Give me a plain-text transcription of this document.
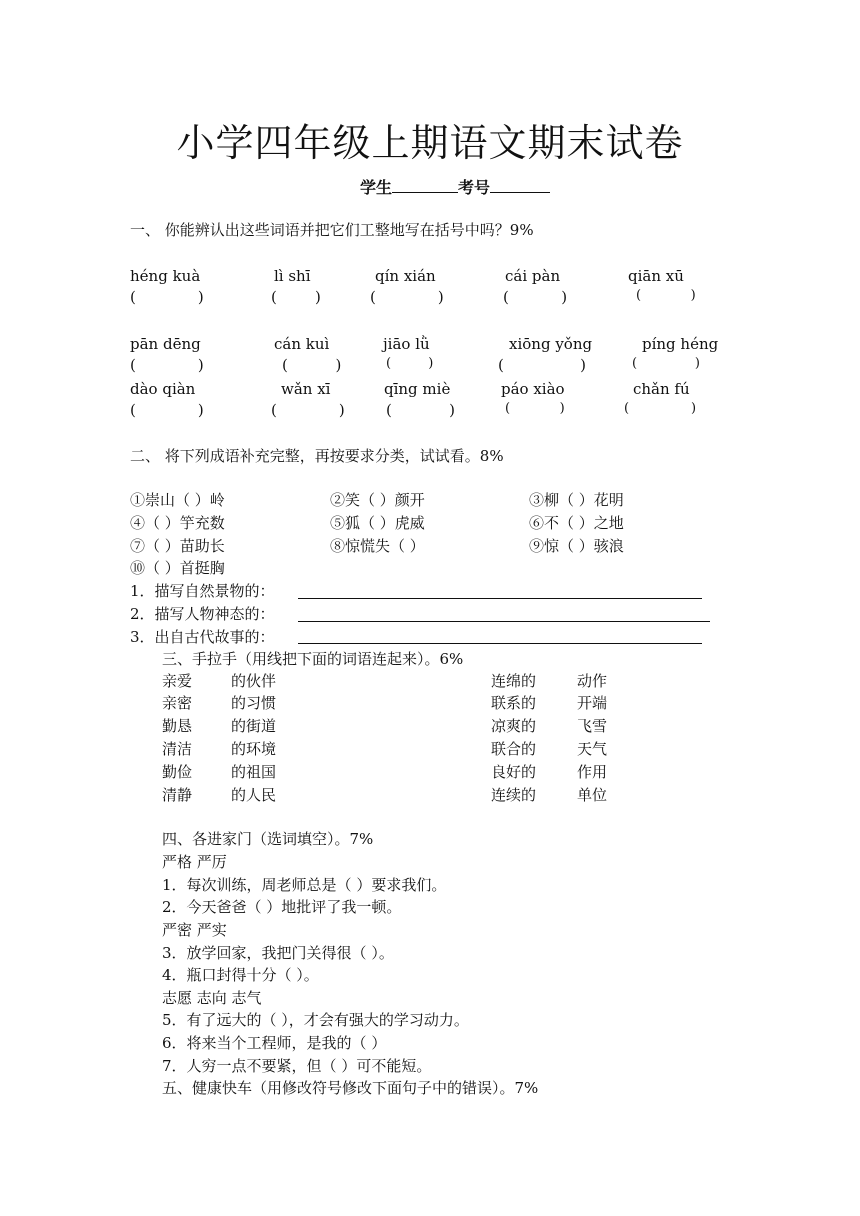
小学四年级上期语文期末试卷
学生	考号
一、 你能辨认出这些词语并把它们工整地写在括号中吗？9%
héng kuà	lì shī	qín xián	cái pàn	qiān xū
(             )	(        )	(             )	(           )	(            )
pān dēng	cán kuì	jiāo lǜ	xiōng yǒng	píng héng
(             )	(          )	(         )	(                )	(              )
dào qiàn	wǎn xī	qīng miè	páo xiào	chǎn fú
(             )	(             )	(            )	(            )	(               )
二、 将下列成语补充完整，再按要求分类，试试看。8%
①崇山（ ）岭	②笑（ ）颜开	③柳（ ）花明
④（ ）竽充数	⑤狐（ ）虎威	⑥不（ ）之地
⑦（ ）苗助长	⑧惊慌失（ ）	⑨惊（ ）骇浪
⑩（ ）首挺胸
1．描写自然景物的：
2．描写人物神态的：
3．出自古代故事的：
三、手拉手（用线把下面的词语连起来）。6%
亲爱	的伙伴	连绵的	动作
亲密	的习惯	联系的	开端
勤恳	的街道	凉爽的	飞雪
清洁	的环境	联合的	天气
勤俭	的祖国	良好的	作用
清静	的人民	连续的	单位
四、各进家门（选词填空）。7%
严格 严厉
1．每次训练，周老师总是（ ）要求我们。
2．今天爸爸（ ）地批评了我一顿。
严密 严实
3．放学回家，我把门关得很（ ）。
4．瓶口封得十分（ ）。
志愿 志向 志气
5．有了远大的（ ），才会有强大的学习动力。
6．将来当个工程师，是我的（ ）
7．人穷一点不要紧，但（ ）可不能短。
五、健康快车（用修改符号修改下面句子中的错误）。7%
